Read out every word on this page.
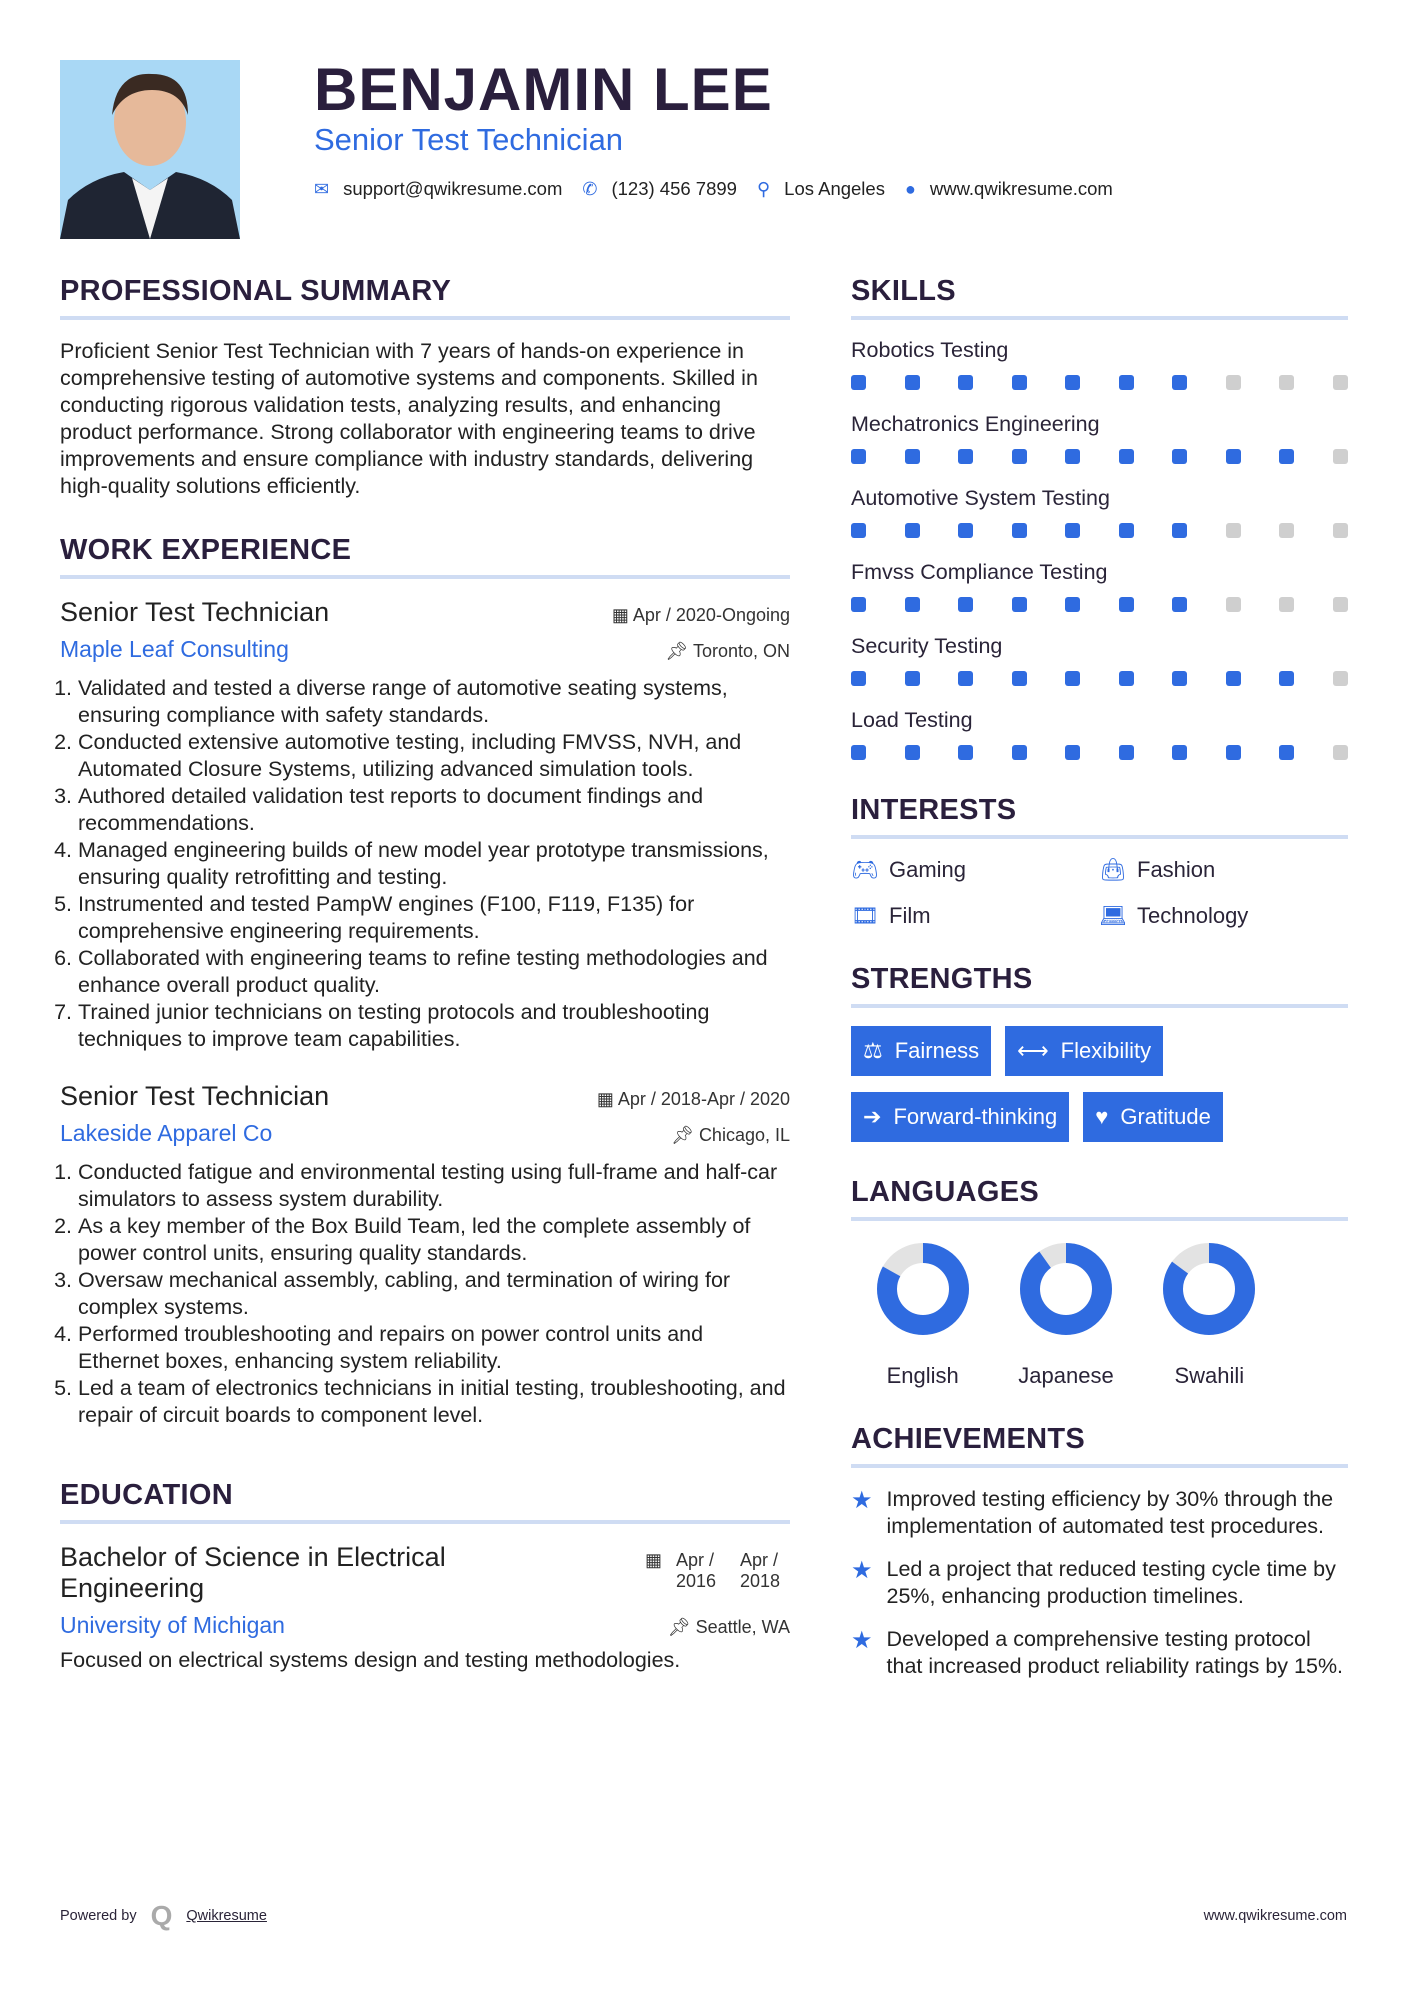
BENJAMIN LEE
Senior Test Technician
✉ support@qwikresume.com ✆ (123) 456 7899 ⚲ Los Angeles ● www.qwikresume.com
PROFESSIONAL SUMMARY

Proficient Senior Test Technician with 7 years of hands-on experience in comprehensive testing of automotive systems and components. Skilled in conducting rigorous validation tests, analyzing results, and enhancing product performance. Strong collaborator with engineering teams to drive improvements and ensure compliance with industry standards, delivering high-quality solutions efficiently.

WORK EXPERIENCE
Senior Test Technician	▦ Apr / 2020-Ongoing
Maple Leaf Consulting	📌︎ Toronto, ON
1. Validated and tested a diverse range of automotive seating systems, ensuring compliance with safety standards.
2. Conducted extensive automotive testing, including FMVSS, NVH, and Automated Closure Systems, utilizing advanced simulation tools.
3. Authored detailed validation test reports to document findings and recommendations.
4. Managed engineering builds of new model year prototype transmissions, ensuring quality retrofitting and testing.
5. Instrumented and tested PampW engines (F100, F119, F135) for comprehensive engineering requirements.
6. Collaborated with engineering teams to refine testing methodologies and enhance overall product quality.
7. Trained junior technicians on testing protocols and troubleshooting techniques to improve team capabilities.
Senior Test Technician	▦ Apr / 2018-Apr / 2020
Lakeside Apparel Co	📌︎ Chicago, IL
1. Conducted fatigue and environmental testing using full-frame and half-car simulators to assess system durability.
2. As a key member of the Box Build Team, led the complete assembly of power control units, ensuring quality standards.
3. Oversaw mechanical assembly, cabling, and termination of wiring for complex systems.
4. Performed troubleshooting and repairs on power control units and Ethernet boxes, enhancing system reliability.
5. Led a team of electronics technicians in initial testing, troubleshooting, and repair of circuit boards to component level.
EDUCATION
Bachelor of Science in Electrical Engineering
▦ Apr / 2016
Apr / 2018
University of Michigan	📌︎ Seattle, WA

Focused on electrical systems design and testing methodologies.

SKILLS
Robotics Testing
Mechatronics Engineering
Automotive System Testing
Fmvss Compliance Testing
Security Testing
Load Testing
INTERESTS
🎮︎ Gaming	👜︎ Fashion
🎞︎ Film	💻︎ Technology
STRENGTHS
⚖ Fairness ⟷ Flexibility
➔ Forward-thinking ♥ Gratitude
LANGUAGES
English	Japanese	Swahili
ACHIEVEMENTS
★ Improved testing efficiency by 30% through the implementation of automated test procedures.

★ Led a project that reduced testing cycle time by 25%, enhancing production timelines.

★ Developed a comprehensive testing protocol that increased product reliability ratings by 15%.

Powered by Q Qwikresume	www.qwikresume.com
